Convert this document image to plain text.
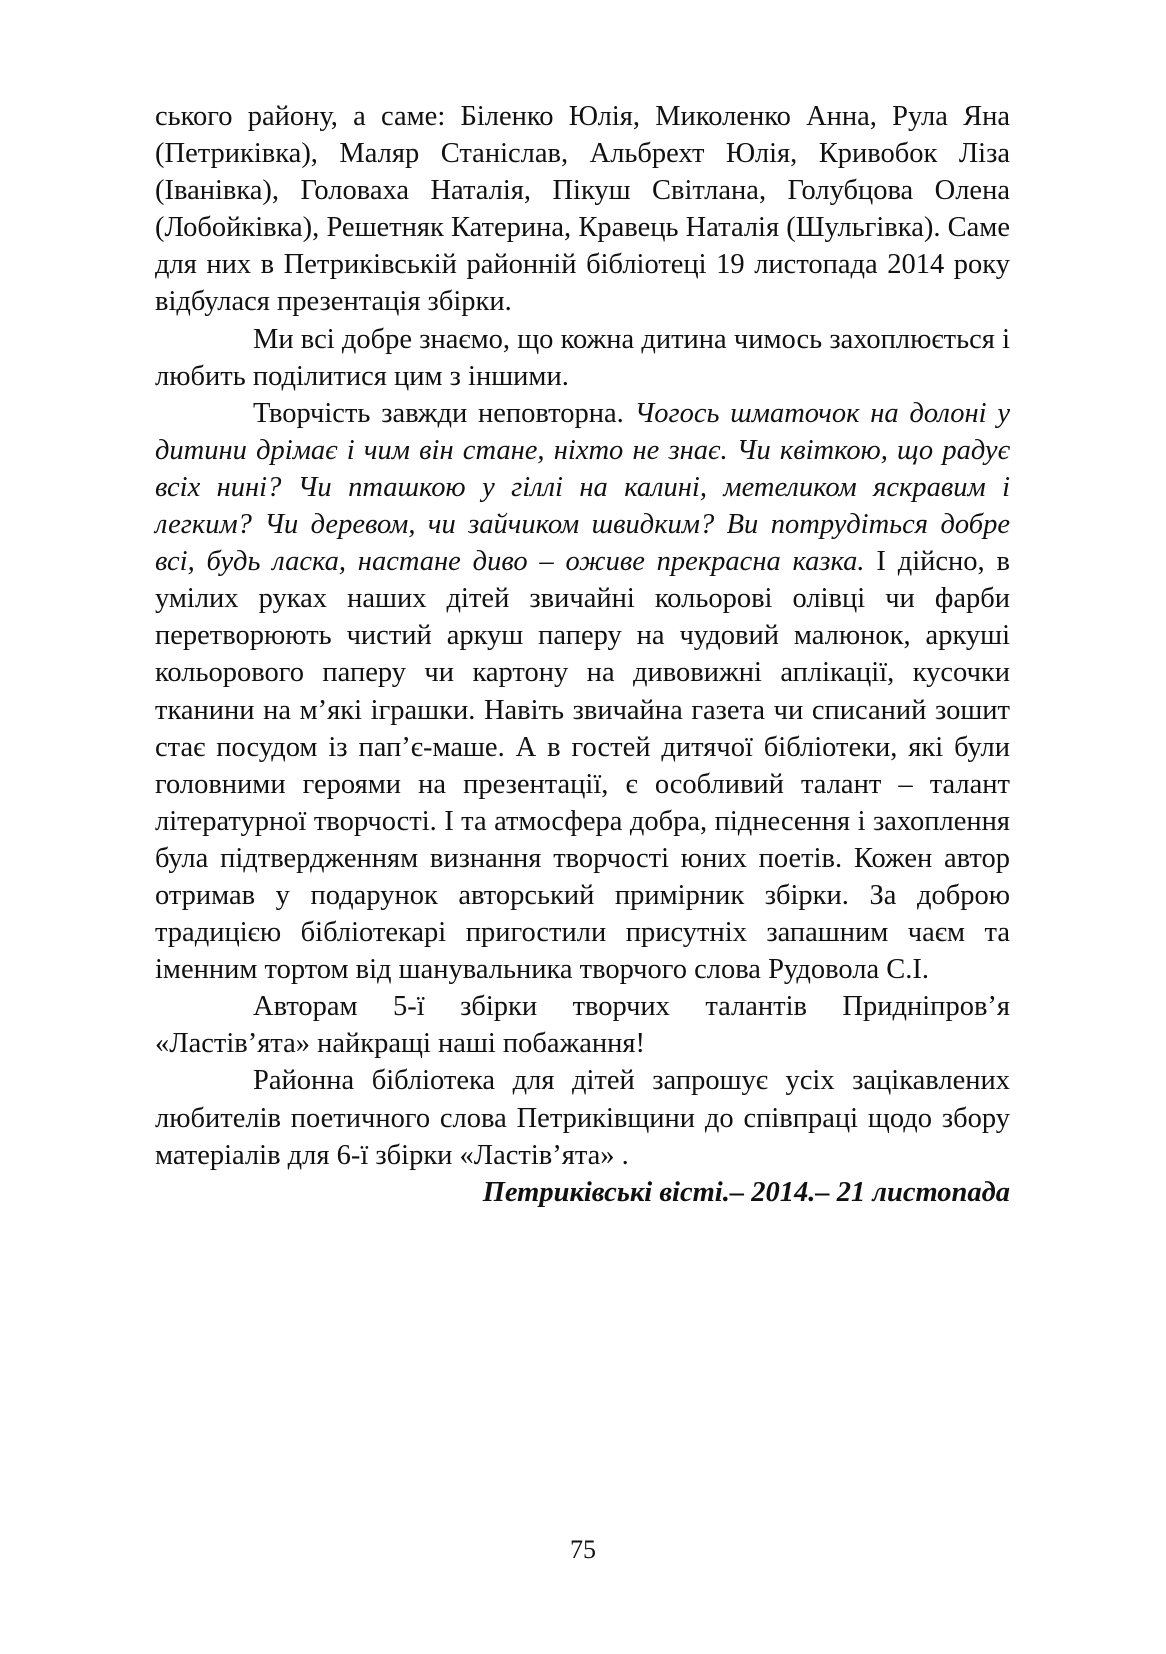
ського району, а саме: Біленко Юлія, Миколенко Анна, Рула Яна (Петриківка), Маляр Станіслав, Альбрехт Юлія, Кривобок Ліза (Іванівка), Головаха Наталія, Пікуш Світлана, Голубцова Олена (Лобойківка), Решетняк Катерина, Кравець Наталія (Шульгівка). Саме для них в Петриківській районній бібліотеці 19 листопада 2014 року відбулася презентація збірки.

Ми всі добре знаємо, що кожна дитина чимось захоплюється і любить поділитися цим з іншими.

Творчість завжди неповторна. Чогось шматочок на долоні у дитини дрімає і чим він стане, ніхто не знає. Чи квіткою, що радує всіх нині? Чи пташкою у гіллі на калині, метеликом яскравим і легким? Чи деревом, чи зайчиком швидким? Ви потрудіться добре всі, будь ласка, настане диво – оживе прекрасна казка. І дійсно, в умілих руках наших дітей звичайні кольорові олівці чи фарби перетворюють чистий аркуш паперу на чудовий малюнок, аркуші кольорового паперу чи картону на дивовижні аплікації, кусочки тканини на м’які іграшки. Навіть звичайна газета чи списаний зошит стає посудом із пап’є-маше. А в гостей дитячої бібліотеки, які були головними героями на презентації, є особливий талант – талант літературної творчості. І та атмосфера добра, піднесення і захоплення була підтвердженням визнання творчості юних поетів. Кожен автор отримав у подарунок авторський примірник збірки. За доброю традицією бібліотекарі пригостили присутніх запашним чаєм та іменним тортом від шанувальника творчого слова Рудовола С.І.

Авторам 5-ї збірки творчих талантів Придніпров’я «Ластів’ята» найкращі наші побажання!

Районна бібліотека для дітей запрошує усіх зацікавлених любителів поетичного слова Петриківщини до співпраці щодо збору матеріалів для 6-ї збірки «Ластів’ята» .

Петриківські вісті.– 2014.– 21 листопада

75
